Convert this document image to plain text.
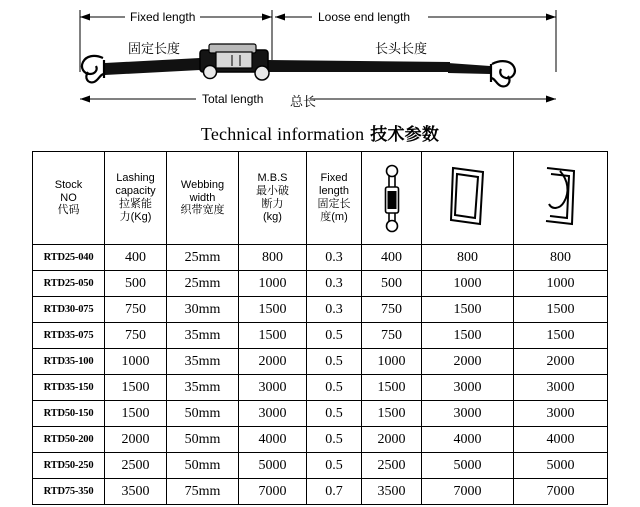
Fixed length
固定长度
Loose end length
长头长度
Total length 总长
Technical information 技术参数
Stock
NO
代码

Lashing
capacity
拉紧能
力(Kg)

Webbing
width
织带宽度

M.B.S
最小破
断力
(kg)

Fixed
length
固定长
度(m)

RTD25-040	400	25mm	800	0.3	400	800	800
RTD25-050	500	25mm	1000	0.3	500	1000	1000
RTD30-075	750	30mm	1500	0.3	750	1500	1500
RTD35-075	750	35mm	1500	0.5	750	1500	1500
RTD35-100	1000	35mm	2000	0.5	1000	2000	2000
RTD35-150	1500	35mm	3000	0.5	1500	3000	3000
RTD50-150	1500	50mm	3000	0.5	1500	3000	3000
RTD50-200	2000	50mm	4000	0.5	2000	4000	4000
RTD50-250	2500	50mm	5000	0.5	2500	5000	5000
RTD75-350	3500	75mm	7000	0.7	3500	7000	7000
